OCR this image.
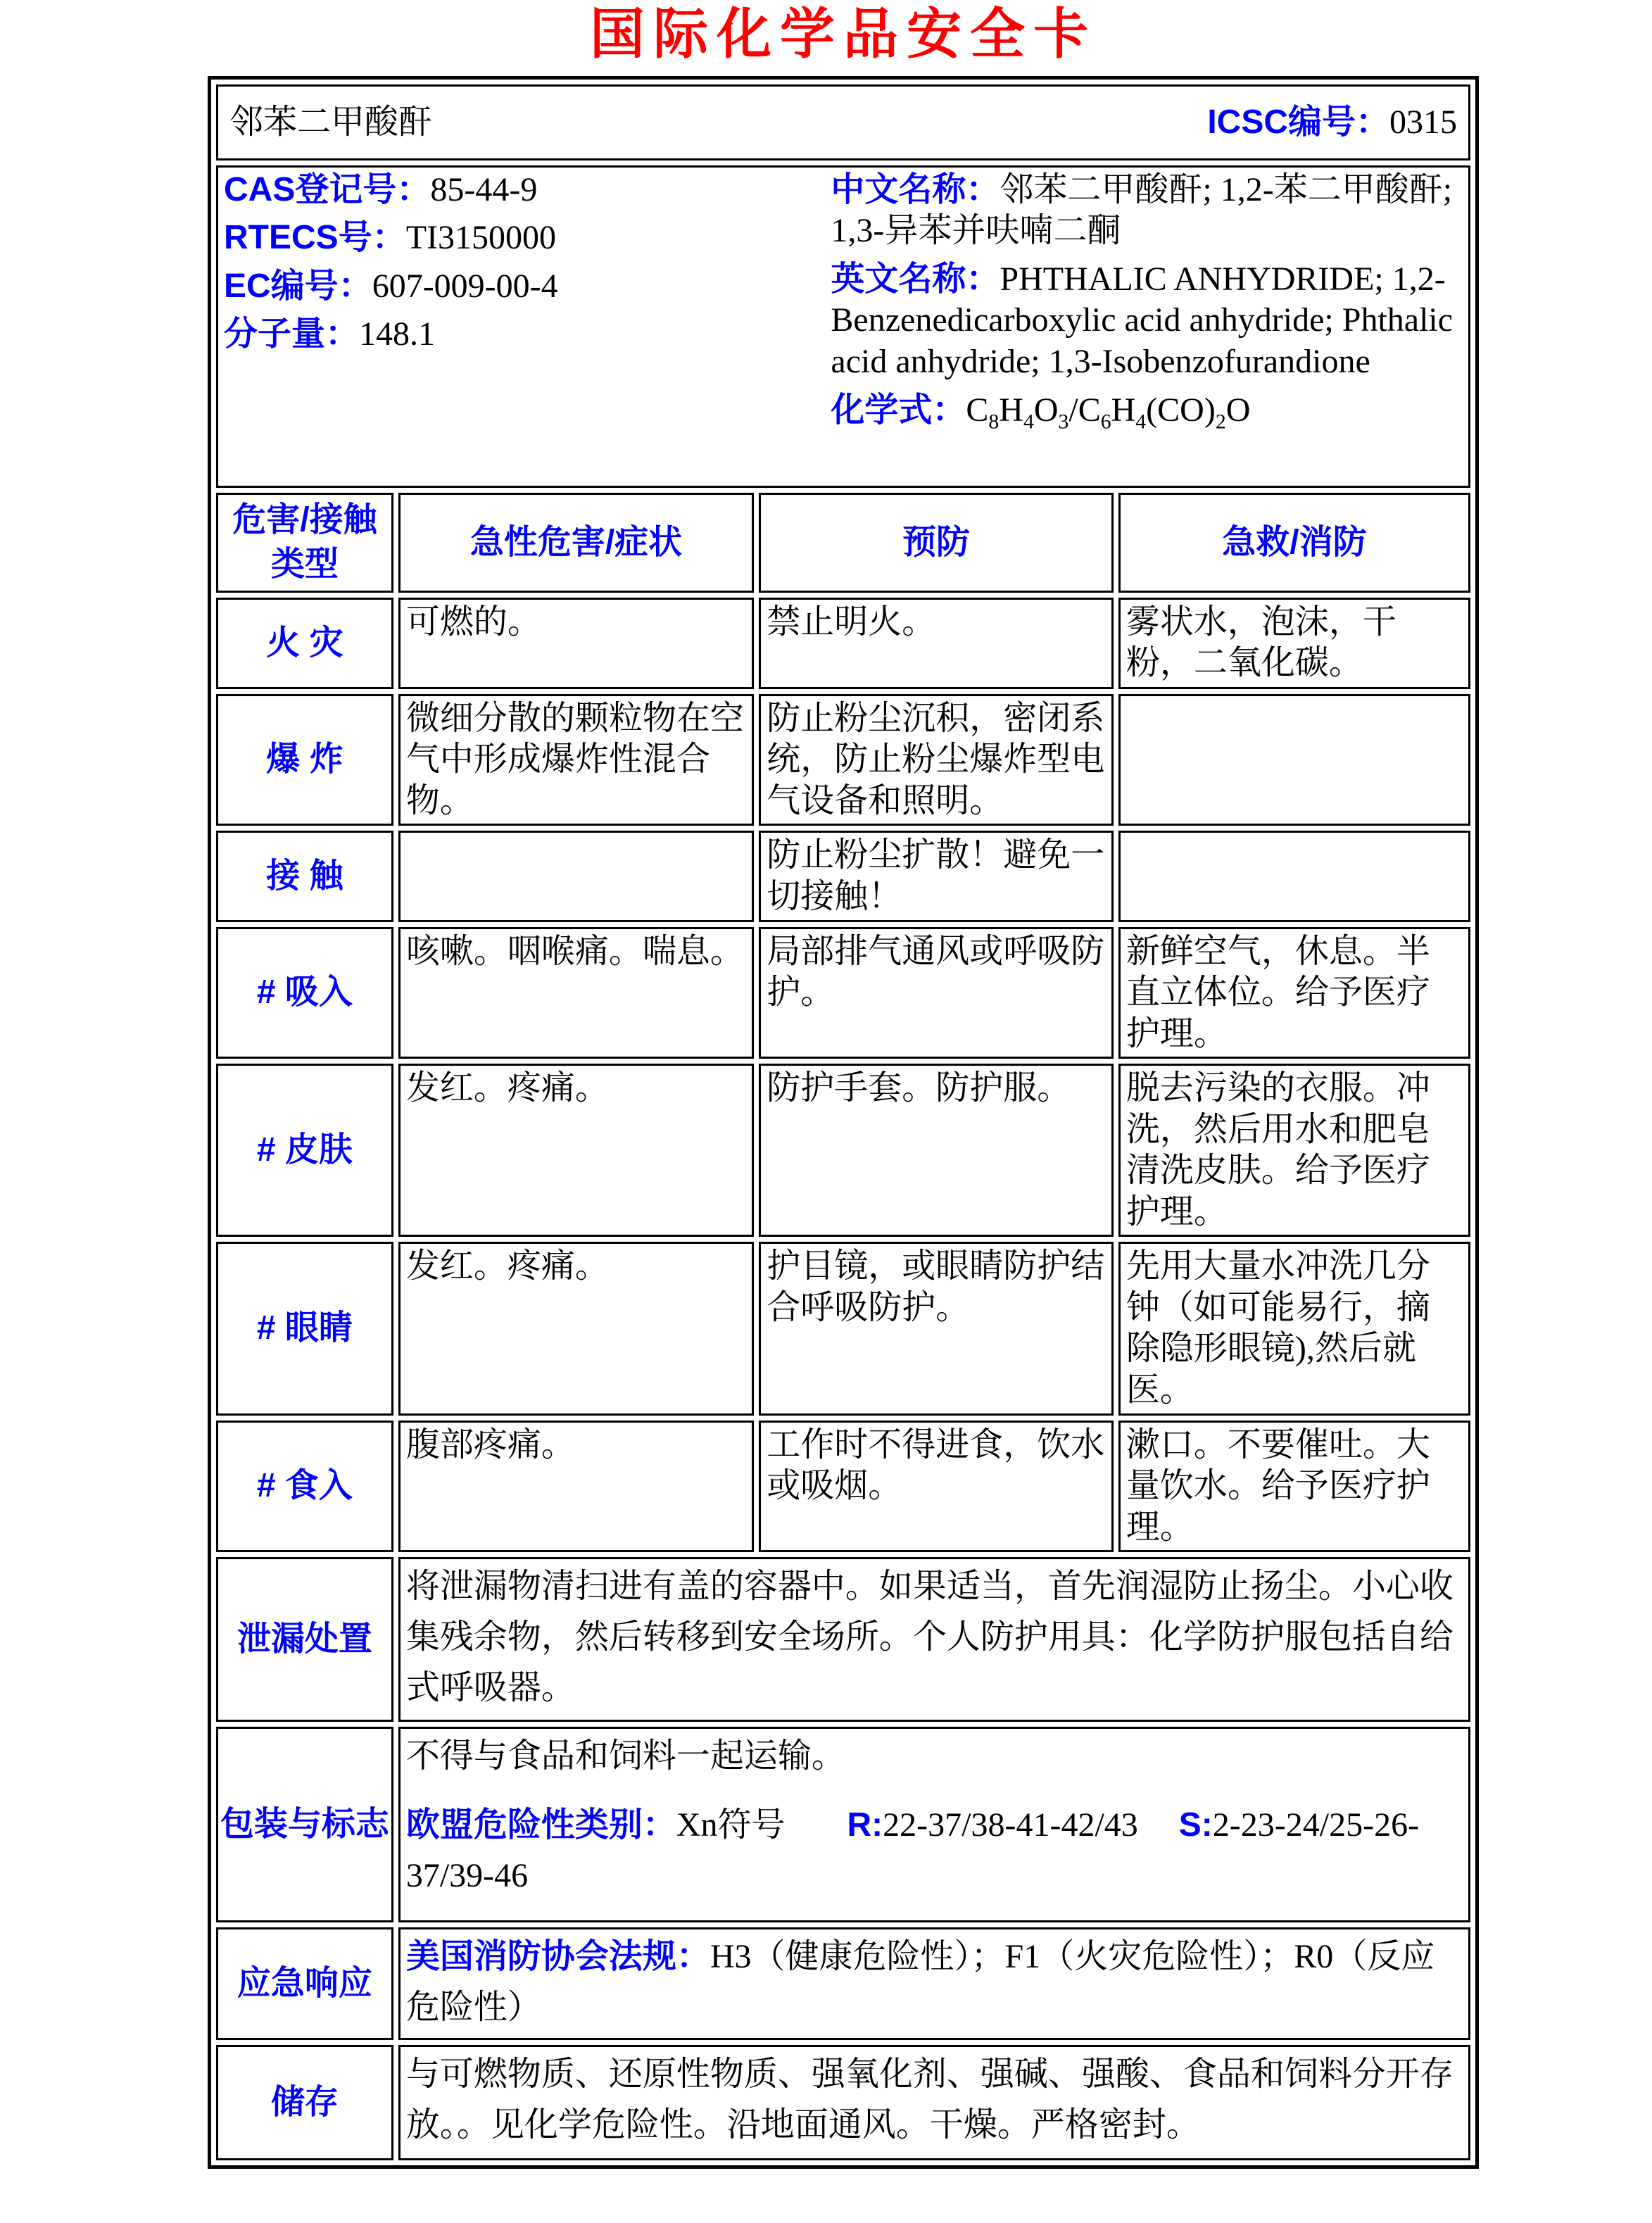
国际化学品安全卡
邻苯二甲酸酐 ICSC编号：0315			

CAS登记号：85-44-9

RTECS号：TI3150000

EC编号：607-009-00-4

分子量：148.1

中文名称：邻苯二甲酸酐; 1,2-苯二甲酸酐; 1,3-异苯并呋喃二酮

英文名称：PHTHALIC ANHYDRIDE; 1,2-Benzenedicarboxylic acid anhydride; Phthalic acid anhydride; 1,3-Isobenzofurandione

化学式：$C_8H_4O_3/C_6H_4(CO)_2O$

危害/接触类型	急性危害/症状	预防	急救/消防
火 灾	可燃的。	禁止明火。	雾状水，泡沫，干粉，二氧化碳。
爆 炸	微细分散的颗粒物在空气中形成爆炸性混合物。	防止粉尘沉积，密闭系统，防止粉尘爆炸型电气设备和照明。	
接 触		防止粉尘扩散！避免一切接触！	
# 吸入	咳嗽。咽喉痛。喘息。	局部排气通风或呼吸防护。	新鲜空气，休息。半直立体位。给予医疗护理。
# 皮肤	发红。疼痛。	防护手套。防护服。	脱去污染的衣服。冲洗，然后用水和肥皂清洗皮肤。给予医疗护理。
# 眼睛	发红。疼痛。	护目镜，或眼睛防护结合呼吸防护。	先用大量水冲洗几分钟（如可能易行，摘除隐形眼镜),然后就医。
# 食入	腹部疼痛。	工作时不得进食，饮水或吸烟。	漱口。不要催吐。大量饮水。给予医疗护理。
泄漏处置	将泄漏物清扫进有盖的容器中。如果适当，首先润湿防止扬尘。小心收集残余物，然后转移到安全场所。个人防护用具：化学防护服包括自给式呼吸器。		
包装与标志	不得与食品和饲料一起运输。

欧盟危险性类别：Xn符号 R:22-37/38-41-42/43 S:2-23-24/25-26-37/39-46		

应急响应	美国消防协会法规：H3（健康危险性）；F1（火灾危险性）；R0（反应危险性）		
储存	与可燃物质、还原性物质、强氧化剂、强碱、强酸、食品和饲料分开存放。。见化学危险性。沿地面通风。干燥。严格密封。		
